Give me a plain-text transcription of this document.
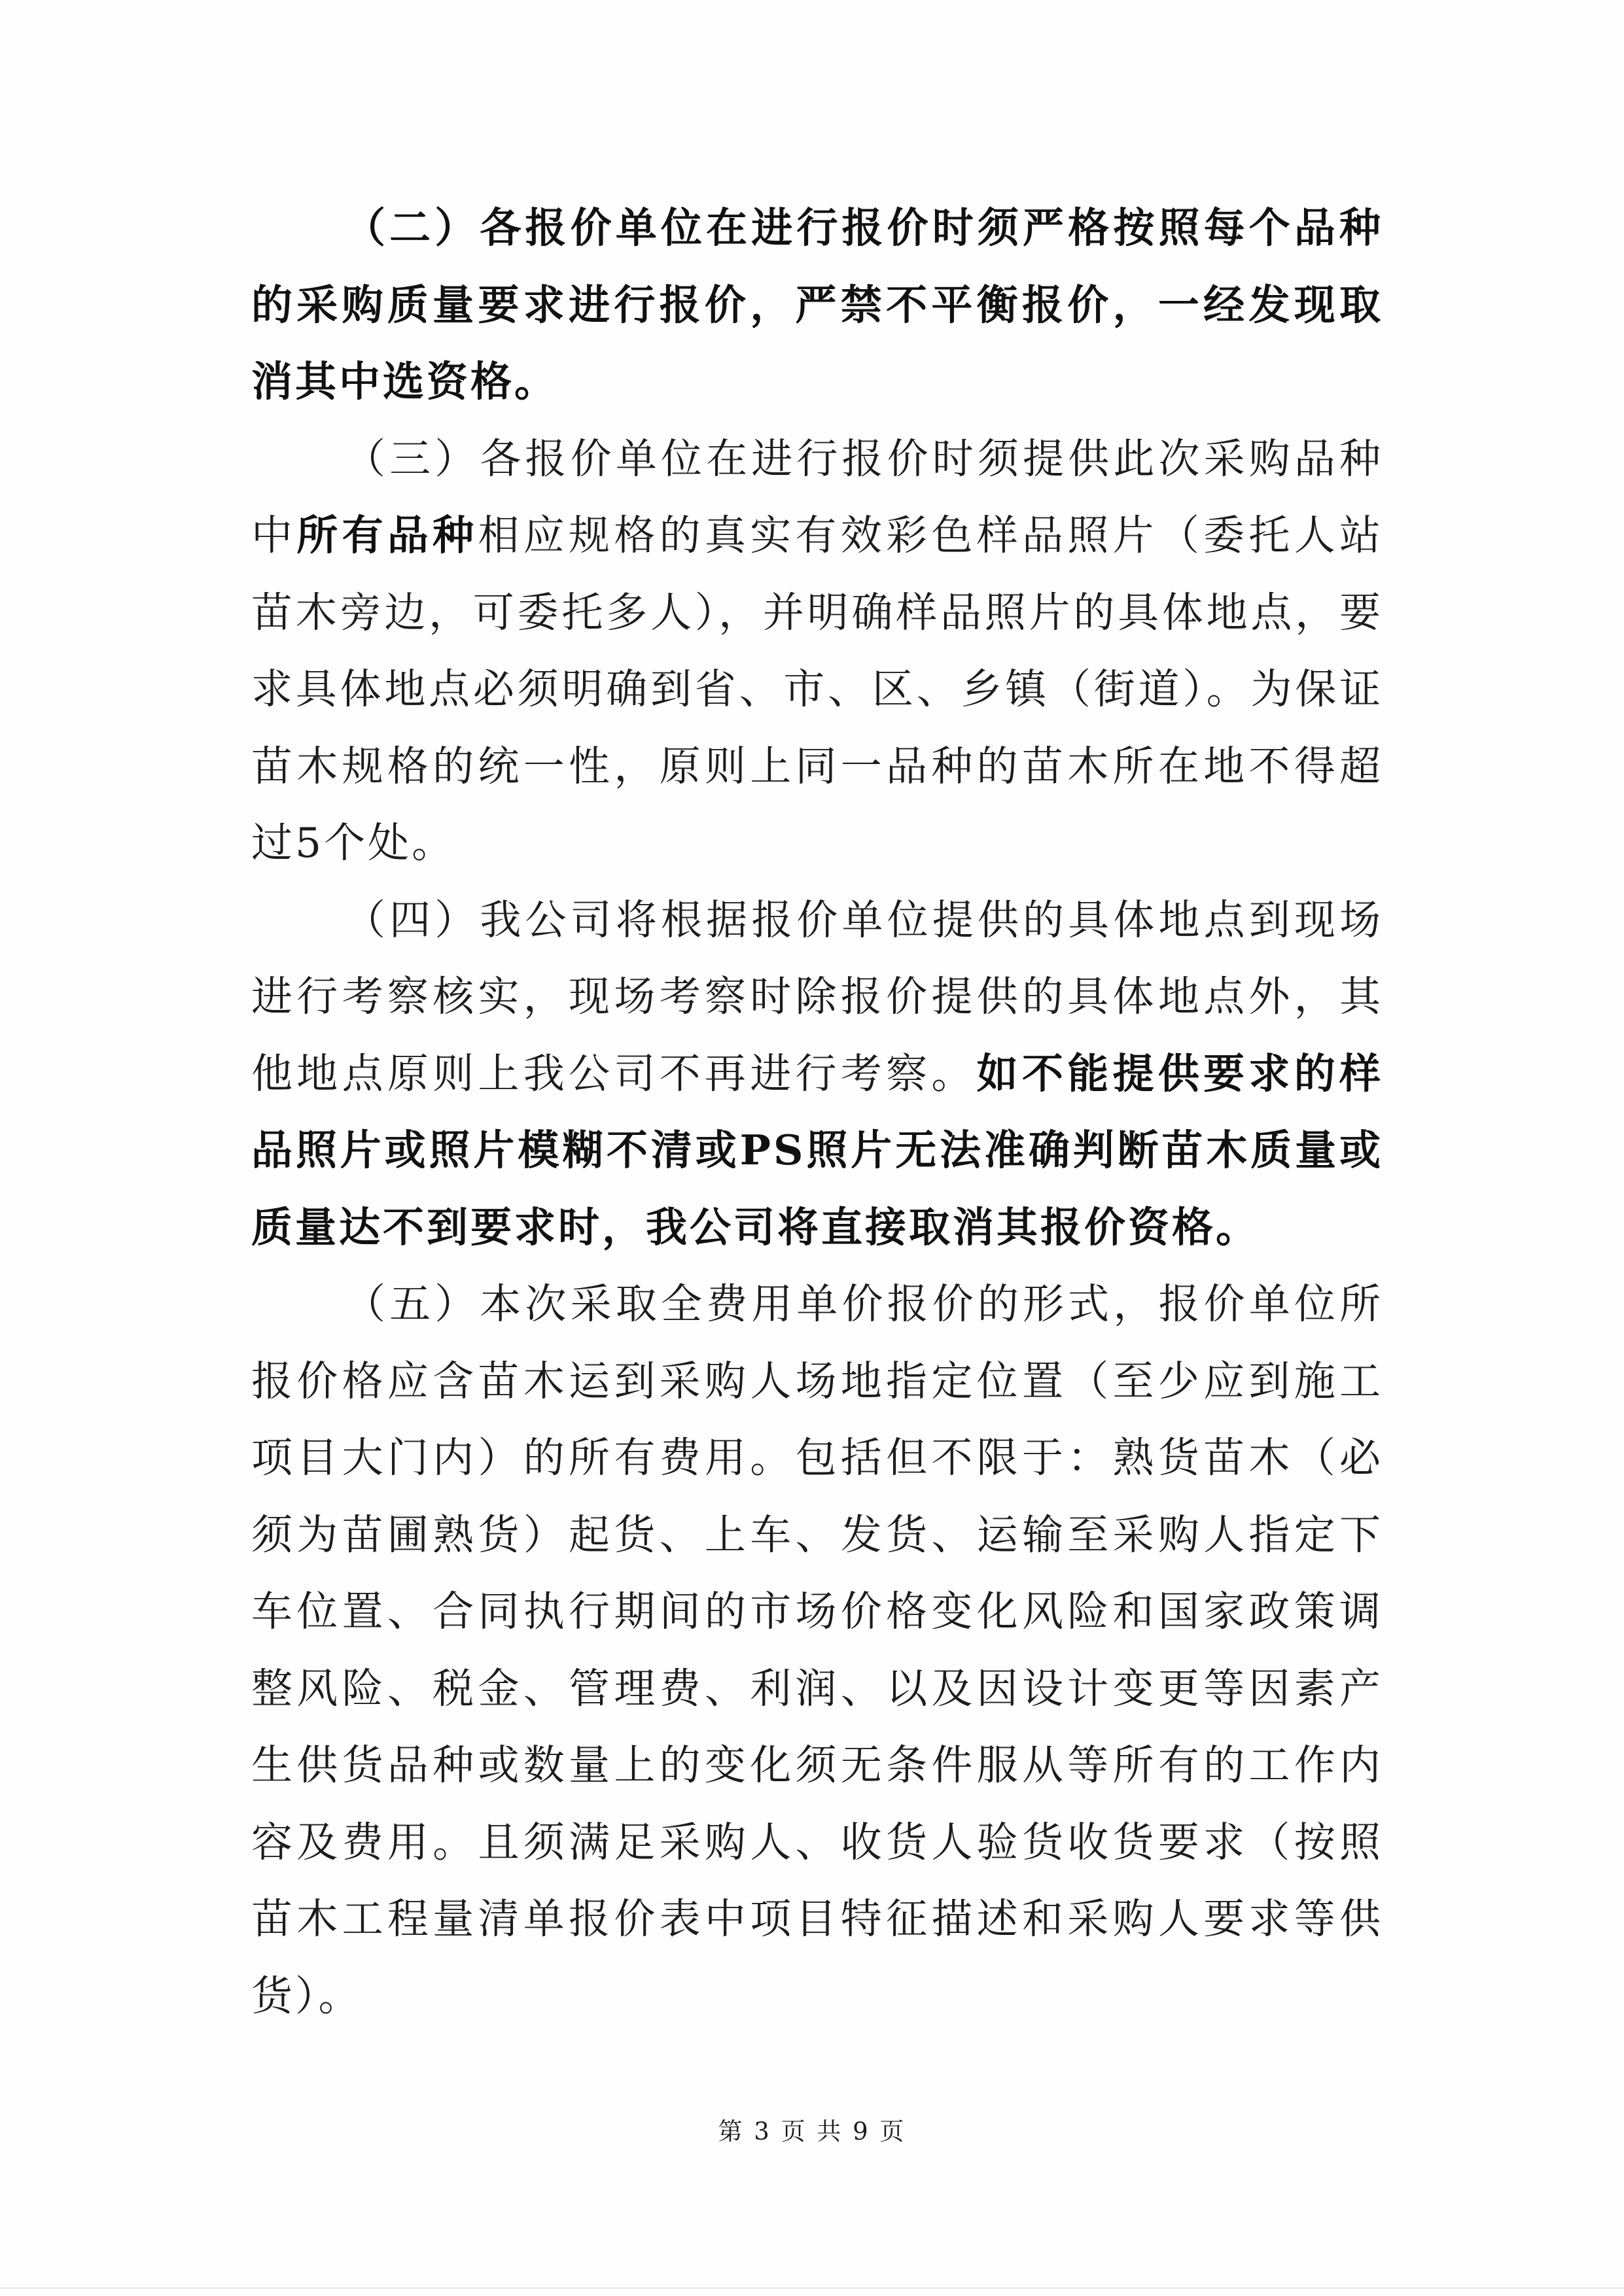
（二）各报价单位在进行报价时须严格按照每个品种的采购质量要求进行报价，严禁不平衡报价，一经发现取消其中选资格。

（三）各报价单位在进行报价时须提供此次采购品种中所有品种相应规格的真实有效彩色样品照片（委托人站苗木旁边，可委托多人），并明确样品照片的具体地点，要求具体地点必须明确到省、市、区、乡镇（街道）。为保证苗木规格的统一性，原则上同一品种的苗木所在地不得超过5个处。

（四）我公司将根据报价单位提供的具体地点到现场进行考察核实，现场考察时除报价提供的具体地点外，其他地点原则上我公司不再进行考察。如不能提供要求的样品照片或照片模糊不清或PS照片无法准确判断苗木质量或质量达不到要求时，我公司将直接取消其报价资格。

（五）本次采取全费用单价报价的形式，报价单位所报价格应含苗木运到采购人场地指定位置（至少应到施工项目大门内）的所有费用。包括但不限于：熟货苗木（必须为苗圃熟货）起货、上车、发货、运输至采购人指定下车位置、合同执行期间的市场价格变化风险和国家政策调整风险、税金、管理费、利润、以及因设计变更等因素产生供货品种或数量上的变化须无条件服从等所有的工作内容及费用。且须满足采购人、收货人验货收货要求（按照苗木工程量清单报价表中项目特征描述和采购人要求等供货）。

第 3 页 共 9 页
